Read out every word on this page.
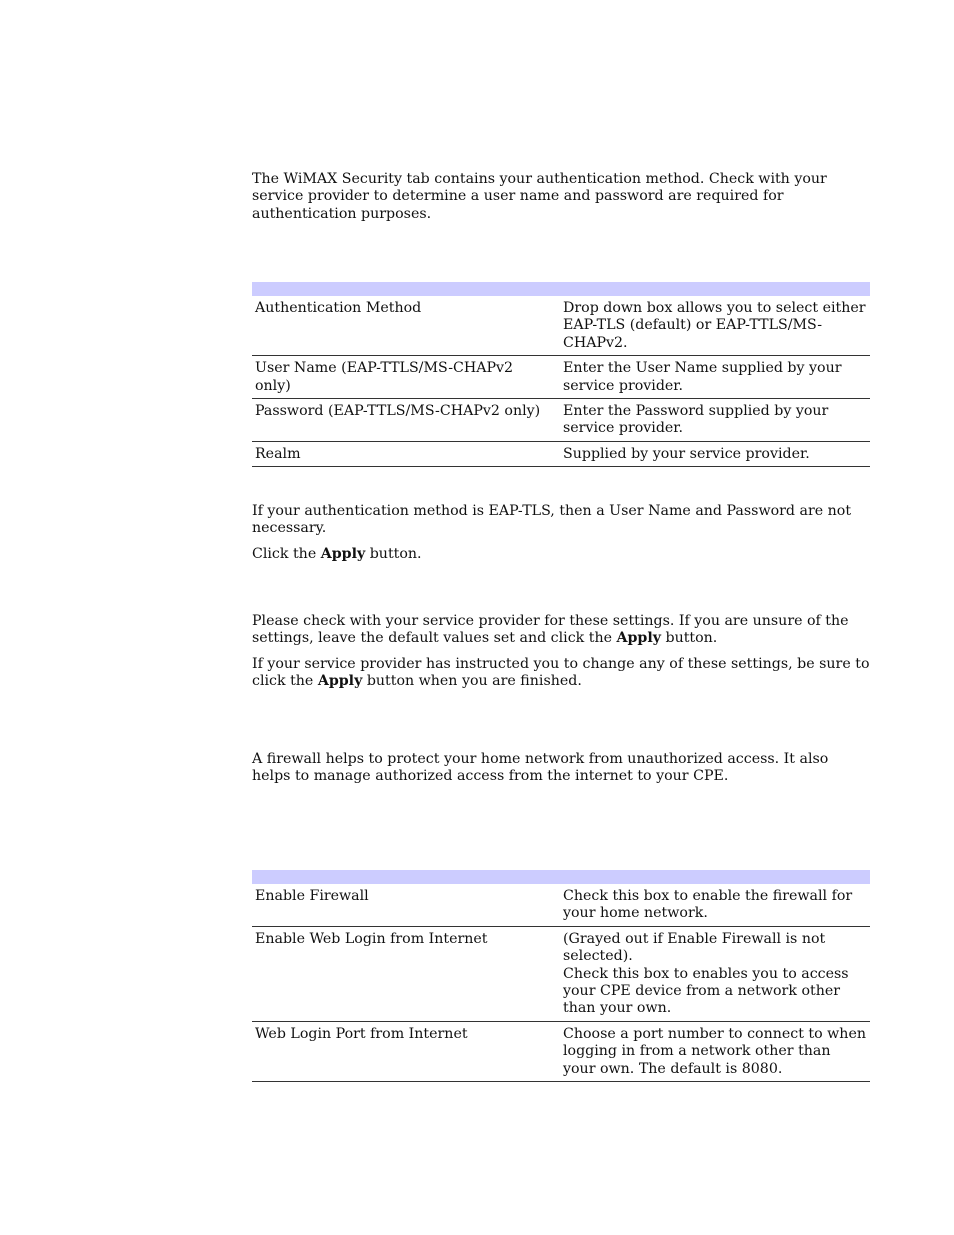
The WiMAX Security tab contains your authentication method. Check with your service provider to determine a user name and password are required for authentication purposes.

Authentication Method	Drop down box allows you to select either EAP-TLS (default) or EAP-TTLS/MS-CHAPv2.
User Name (EAP-TTLS/MS-CHAPv2 only)	Enter the User Name supplied by your service provider.
Password (EAP-TTLS/MS-CHAPv2 only)	Enter the Password supplied by your service provider.
Realm	Supplied by your service provider.

If your authentication method is EAP-TLS, then a User Name and Password are not necessary.

Click the Apply button.

Please check with your service provider for these settings. If you are unsure of the settings, leave the default values set and click the Apply button.

If your service provider has instructed you to change any of these settings, be sure to click the Apply button when you are finished.

A firewall helps to protect your home network from unauthorized access. It also helps to manage authorized access from the internet to your CPE.

Enable Firewall	Check this box to enable the firewall for your home network.
Enable Web Login from Internet	(Grayed out if Enable Firewall is not selected).
Check this box to enables you to access your CPE device from a network other than your own.

Web Login Port from Internet	Choose a port number to connect to when logging in from a network other than your own. The default is 8080.
